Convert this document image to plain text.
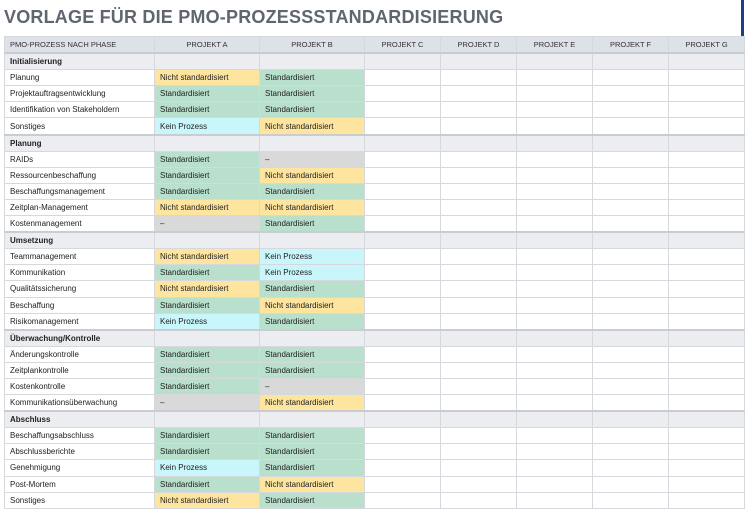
VORLAGE FÜR DIE PMO-PROZESSSTANDARDISIERUNG
PMO-PROZESS NACH PHASE	PROJEKT A	PROJEKT B	PROJEKT C	PROJEKT D	PROJEKT E	PROJEKT F	PROJEKT G
Initialisierung							
Planung	Nicht standardisiert	Standardisiert					
Projektauftragsentwicklung	Standardisiert	Standardisiert					
Identifikation von Stakeholdern	Standardisiert	Standardisiert					
Sonstiges	Kein Prozess	Nicht standardisiert					
Planung							
RAIDs	Standardisiert	–					
Ressourcenbeschaffung	Standardisiert	Nicht standardisiert					
Beschaffungsmanagement	Standardisiert	Standardisiert					
Zeitplan-Management	Nicht standardisiert	Nicht standardisiert					
Kostenmanagement	–	Standardisiert					
Umsetzung							
Teammanagement	Nicht standardisiert	Kein Prozess					
Kommunikation	Standardisiert	Kein Prozess					
Qualitätssicherung	Nicht standardisiert	Standardisiert					
Beschaffung	Standardisiert	Nicht standardisiert					
Risikomanagement	Kein Prozess	Standardisiert					
Überwachung/Kontrolle							
Änderungskontrolle	Standardisiert	Standardisiert					
Zeitplankontrolle	Standardisiert	Standardisiert					
Kostenkontrolle	Standardisiert	–					
Kommunikationsüberwachung	–	Nicht standardisiert					
Abschluss							
Beschaffungsabschluss	Standardisiert	Standardisiert					
Abschlussberichte	Standardisiert	Standardisiert					
Genehmigung	Kein Prozess	Standardisiert					
Post-Mortem	Standardisiert	Nicht standardisiert					
Sonstiges	Nicht standardisiert	Standardisiert					
